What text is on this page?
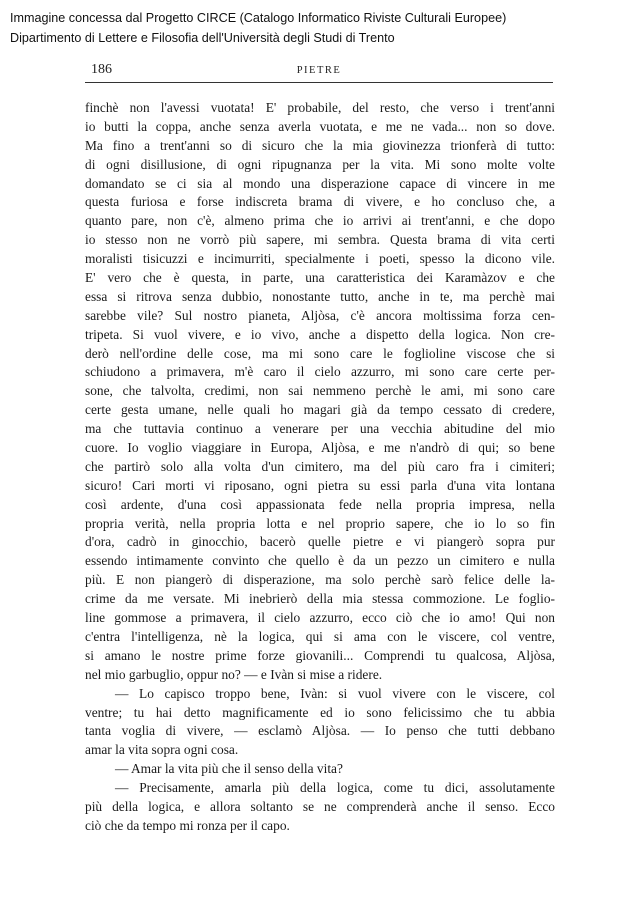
Immagine concessa dal Progetto CIRCE (Catalogo Informatico Riviste Culturali Europee)
Dipartimento di Lettere e Filosofia dell'Università degli Studi di Trento
186	PIETRE
finchè non l'avessi vuotata! E' probabile, del resto, che verso i trent'anni
io butti la coppa, anche senza averla vuotata, e me ne vada... non so dove.
Ma fino a trent'anni so di sicuro che la mia giovinezza trionferà di tutto:
di ogni disillusione, di ogni ripugnanza per la vita. Mi sono molte volte
domandato se ci sia al mondo una disperazione capace di vincere in me
questa furiosa e forse indiscreta brama di vivere, e ho concluso che, a
quanto pare, non c'è, almeno prima che io arrivi ai trent'anni, e che dopo
io stesso non ne vorrò più sapere, mi sembra. Questa brama di vita certi
moralisti tisicuzzi e incimurriti, specialmente i poeti, spesso la dicono vile.
E' vero che è questa, in parte, una caratteristica dei Karamàzov e che
essa si ritrova senza dubbio, nonostante tutto, anche in te, ma perchè mai
sarebbe vile? Sul nostro pianeta, Aljòsa, c'è ancora moltissima forza cen-
tripeta. Si vuol vivere, e io vivo, anche a dispetto della logica. Non cre-
derò nell'ordine delle cose, ma mi sono care le foglioline viscose che si
schiudono a primavera, m'è caro il cielo azzurro, mi sono care certe per-
sone, che talvolta, credimi, non sai nemmeno perchè le ami, mi sono care
certe gesta umane, nelle quali ho magari già da tempo cessato di credere,
ma che tuttavia continuo a venerare per una vecchia abitudine del mio
cuore. Io voglio viaggiare in Europa, Aljòsa, e me n'andrò di qui; so bene
che partirò solo alla volta d'un cimitero, ma del più caro fra i cimiteri;
sicuro! Cari morti vi riposano, ogni pietra su essi parla d'una vita lontana
così ardente, d'una così appassionata fede nella propria impresa, nella
propria verità, nella propria lotta e nel proprio sapere, che io lo so fin
d'ora, cadrò in ginocchio, bacerò quelle pietre e vi piangerò sopra pur
essendo intimamente convinto che quello è da un pezzo un cimitero e nulla
più. E non piangerò di disperazione, ma solo perchè sarò felice delle la-
crime da me versate. Mi inebrierò della mia stessa commozione. Le foglio-
line gommose a primavera, il cielo azzurro, ecco ciò che io amo! Qui non
c'entra l'intelligenza, nè la logica, qui si ama con le viscere, col ventre,
si amano le nostre prime forze giovanili... Comprendi tu qualcosa, Aljòsa,
nel mio garbuglio, oppur no? — e Ivàn si mise a ridere.
— Lo capisco troppo bene, Ivàn: si vuol vivere con le viscere, col
ventre; tu hai detto magnificamente ed io sono felicissimo che tu abbia
tanta voglia di vivere, — esclamò Aljòsa. — Io penso che tutti debbano
amar la vita sopra ogni cosa.
— Amar la vita più che il senso della vita?
— Precisamente, amarla più della logica, come tu dici, assolutamente
più della logica, e allora soltanto se ne comprenderà anche il senso. Ecco
ciò che da tempo mi ronza per il capo.
